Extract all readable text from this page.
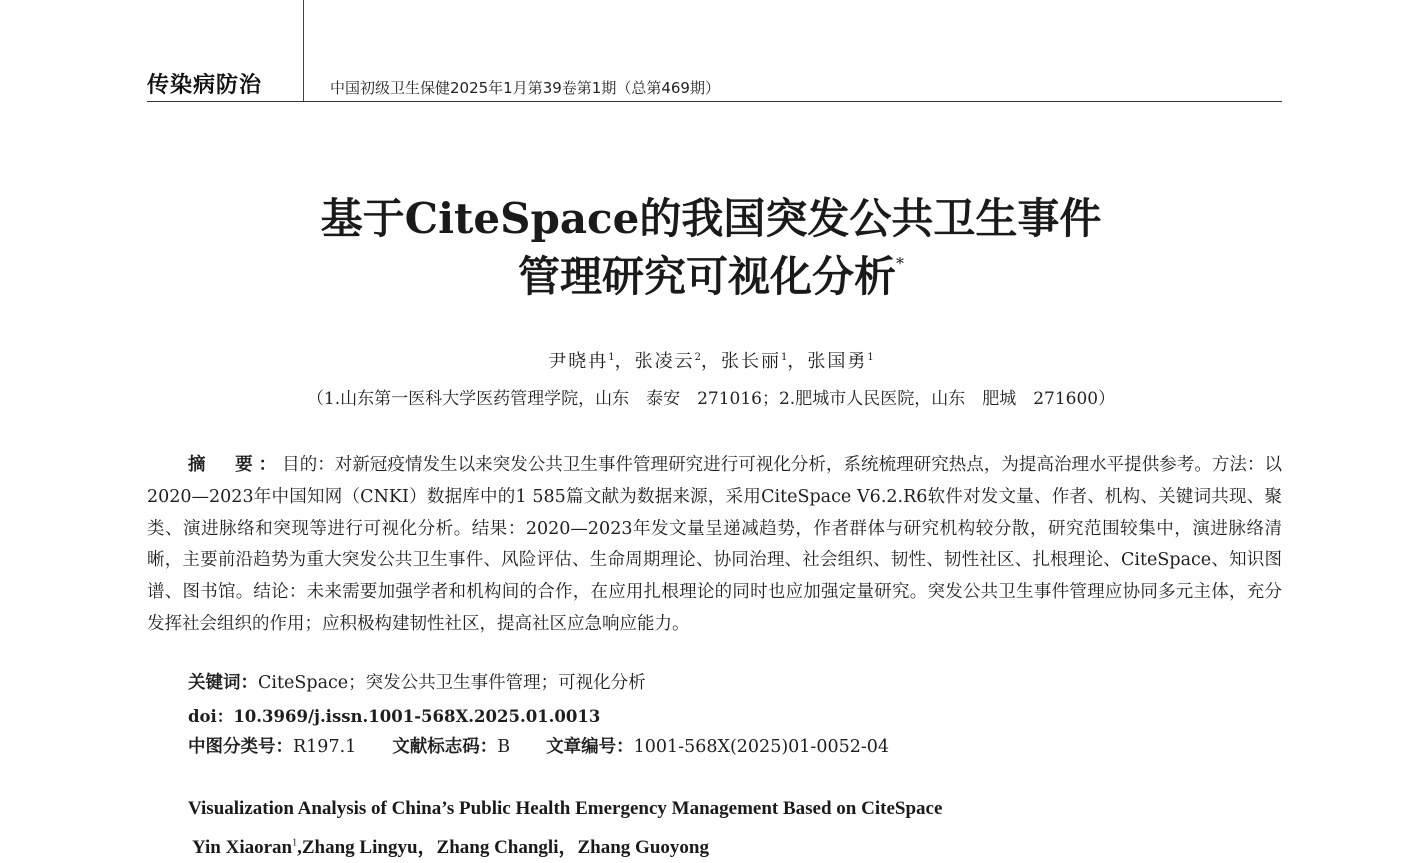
传染病防治	中国初级卫生保健2025年1月第39卷第1期（总第469期）
基于CiteSpace的我国突发公共卫生事件
管理研究可视化分析*
尹晓冉$^1$，张凌云$^2$，张长丽$^1$，张国勇$^1$
（1.山东第一医科大学医药管理学院，山东　泰安　271016；2.肥城市人民医院，山东　肥城　271600）
摘　要：目的：对新冠疫情发生以来突发公共卫生事件管理研究进行可视化分析，系统梳理研究热点，为提高治理水平提供参考。方法：以2020—2023年中国知网（CNKI）数据库中的1 585篇文献为数据来源，采用CiteSpace V6.2.R6软件对发文量、作者、机构、关键词共现、聚类、演进脉络和突现等进行可视化分析。结果：2020—2023年发文量呈递减趋势，作者群体与研究机构较分散，研究范围较集中，演进脉络清晰，主要前沿趋势为重大突发公共卫生事件、风险评估、生命周期理论、协同治理、社会组织、韧性、韧性社区、扎根理论、CiteSpace、知识图谱、图书馆。结论：未来需要加强学者和机构间的合作，在应用扎根理论的同时也应加强定量研究。突发公共卫生事件管理应协同多元主体，充分发挥社会组织的作用；应积极构建韧性社区，提高社区应急响应能力。
关键词：CiteSpace；突发公共卫生事件管理；可视化分析
doi：10.3969/j.issn.1001-568X.2025.01.0013
中图分类号：R197.1 文献标志码：B 文章编号：1001-568X(2025)01-0052-04
Visualization Analysis of China’s Public Health Emergency Management Based on CiteSpace
Yin Xiaoran$^1$,Zhang Lingyu，Zhang Changli，Zhang Guoyong
